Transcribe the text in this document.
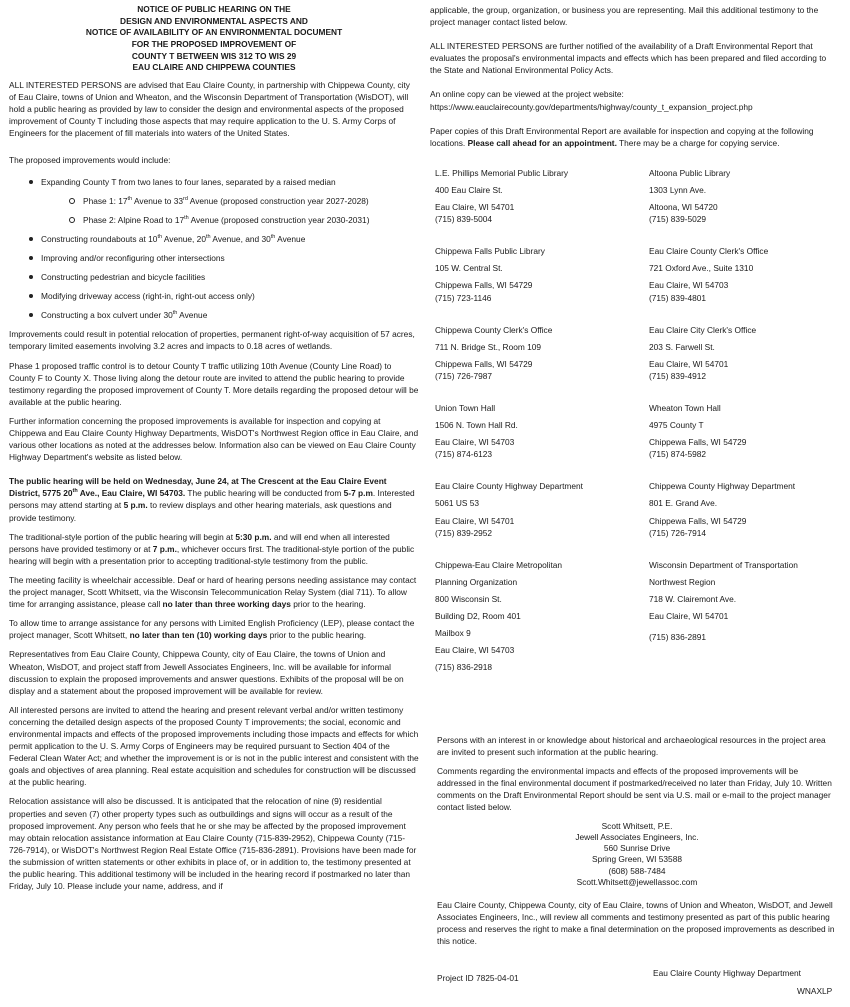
NOTICE OF PUBLIC HEARING ON THE
DESIGN AND ENVIRONMENTAL ASPECTS AND
NOTICE OF AVAILABILITY OF AN ENVIRONMENTAL DOCUMENT
FOR THE PROPOSED IMPROVEMENT OF
COUNTY T BETWEEN WIS 312 TO WIS 29
EAU CLAIRE AND CHIPPEWA COUNTIES

ALL INTERESTED PERSONS are advised that Eau Claire County, in partnership with Chippewa County, city of Eau Claire, towns of Union and Wheaton, and the Wisconsin Department of Transportation (WisDOT), will hold a public hearing as provided by law to consider the design and environmental aspects of the proposed improvement of County T including those aspects that may require application to the U. S. Army Corps of Engineers for the placement of fill materials into waters of the United States.

The proposed improvements would include:

Expanding County T from two lanes to four lanes, separated by a raised median
Phase 1: 17th Avenue to 33rd Avenue (proposed construction year 2027-2028)
Phase 2: Alpine Road to 17th Avenue (proposed construction year 2030-2031)
Constructing roundabouts at 10th Avenue, 20th Avenue, and 30th Avenue
Improving and/or reconfiguring other intersections
Constructing pedestrian and bicycle facilities
Modifying driveway access (right-in, right-out access only)
Constructing a box culvert under 30th Avenue

Improvements could result in potential relocation of properties, permanent right-of-way acquisition of 57 acres, temporary limited easements involving 3.2 acres and impacts to 0.18 acres of wetlands.

Phase 1 proposed traffic control is to detour County T traffic utilizing 10th Avenue (County Line Road) to County F to County X. Those living along the detour route are invited to attend the public hearing to provide testimony regarding the proposed improvement of County T. More details regarding the proposed detour will be available at the public hearing.

Further information concerning the proposed improvements is available for inspection and copying at Chippewa and Eau Claire County Highway Departments, WisDOT's Northwest Region office in Eau Claire, and various other locations as noted at the addresses below. Information also can be viewed on Eau Claire County Highway Department's website as listed below.

The public hearing will be held on Wednesday, June 24, at The Crescent at the Eau Claire Event District, 5775 20th Ave., Eau Claire, WI 54703. The public hearing will be conducted from 5-7 p.m. Interested persons may attend starting at 5 p.m. to review displays and other hearing materials, ask questions and provide testimony.

The traditional-style portion of the public hearing will begin at 5:30 p.m. and will end when all interested persons have provided testimony or at 7 p.m., whichever occurs first. The traditional-style portion of the public hearing will begin with a presentation prior to accepting traditional-style testimony from the public.

The meeting facility is wheelchair accessible. Deaf or hard of hearing persons needing assistance may contact the project manager, Scott Whitsett, via the Wisconsin Telecommunication Relay System (dial 711). To allow time for arranging assistance, please call no later than three working days prior to the hearing.

To allow time to arrange assistance for any persons with Limited English Proficiency (LEP), please contact the project manager, Scott Whitsett, no later than ten (10) working days prior to the public hearing.

Representatives from Eau Claire County, Chippewa County, city of Eau Claire, the towns of Union and Wheaton, WisDOT, and project staff from Jewell Associates Engineers, Inc. will be available for informal discussion to explain the proposed improvements and answer questions. Exhibits of the proposal will be on display and a statement about the proposed improvement will be available for review.

All interested persons are invited to attend the hearing and present relevant verbal and/or written testimony concerning the detailed design aspects of the proposed County T improvements; the social, economic and environmental impacts and effects of the proposed improvements including those impacts and effects for which permit application to the U. S. Army Corps of Engineers may be required pursuant to Section 404 of the Federal Clean Water Act; and whether the improvement is or is not in the public interest and consistent with the goals and objectives of area planning. Real estate acquisition and schedules for construction will be discussed at the public hearing.

Relocation assistance will also be discussed. It is anticipated that the relocation of nine (9) residential properties and seven (7) other property types such as outbuildings and signs will occur as a result of the proposed improvement. Any person who feels that he or she may be affected by the proposed improvement may obtain relocation assistance information at Eau Claire County (715-839-2952), Chippewa County (715-726-7914), or WisDOT's Northwest Region Real Estate Office (715-836-2891). Provisions have been made for the submission of written statements or other exhibits in place of, or in addition to, the testimony presented at the public hearing. This additional testimony will be included in the hearing record if postmarked no later than Friday, July 10. Please include your name, address, and if

applicable, the group, organization, or business you are representing. Mail this additional testimony to the project manager contact listed below.

ALL INTERESTED PERSONS are further notified of the availability of a Draft Environmental Report that evaluates the proposal's environmental impacts and effects which has been prepared and filed according to the State and National Environmental Policy Acts.

An online copy can be viewed at the project website:

https://www.eauclairecounty.gov/departments/highway/county_t_expansion_project.php

Paper copies of this Draft Environmental Report are available for inspection and copying at the following locations. Please call ahead for an appointment. There may be a charge for copying service.

L.E. Phillips Memorial Public Library
400 Eau Claire St.
Eau Claire, WI 54701
(715) 839-5004
Altoona Public Library
1303 Lynn Ave.
Altoona, WI 54720
(715) 839-5029
Chippewa Falls Public Library
105 W. Central St.
Chippewa Falls, WI 54729
(715) 723-1146
Eau Claire County Clerk's Office
721 Oxford Ave., Suite 1310
Eau Claire, WI 54703
(715) 839-4801
Chippewa County Clerk's Office
711 N. Bridge St., Room 109
Chippewa Falls, WI 54729
(715) 726-7987
Eau Claire City Clerk's Office
203 S. Farwell St.
Eau Claire, WI 54701
(715) 839-4912
Union Town Hall
1506 N. Town Hall Rd.
Eau Claire, WI 54703
(715) 874-6123
Wheaton Town Hall
4975 County T
Chippewa Falls, WI 54729
(715) 874-5982
Eau Claire County Highway Department
5061 US 53
Eau Claire, WI 54701
(715) 839-2952
Chippewa County Highway Department
801 E. Grand Ave.
Chippewa Falls, WI 54729
(715) 726-7914
Chippewa-Eau Claire Metropolitan
Planning Organization
800 Wisconsin St.
Building D2, Room 401
Mailbox 9
Eau Claire, WI 54703
(715) 836-2918
Wisconsin Department of Transportation
Northwest Region
718 W. Clairemont Ave.
Eau Claire, WI 54701
(715) 836-2891

Persons with an interest in or knowledge about historical and archaeological resources in the project area are invited to present such information at the public hearing.

Comments regarding the environmental impacts and effects of the proposed improvements will be addressed in the final environmental document if postmarked/received no later than Friday, July 10. Written comments on the Draft Environmental Report should be sent via U.S. mail or e-mail to the project manager contact listed below.

Scott Whitsett, P.E.
Jewell Associates Engineers, Inc.
560 Sunrise Drive
Spring Green, WI 53588
(608) 588-7484
Scott.Whitsett@jewellassoc.com

Eau Claire County, Chippewa County, city of Eau Claire, towns of Union and Wheaton, WisDOT, and Jewell Associates Engineers, Inc., will review all comments and testimony presented as part of this public hearing process and reserves the right to make a final determination on the proposed improvements as described in this notice.

Eau Claire County Highway Department
Project ID 7825-04-01
WNAXLP
